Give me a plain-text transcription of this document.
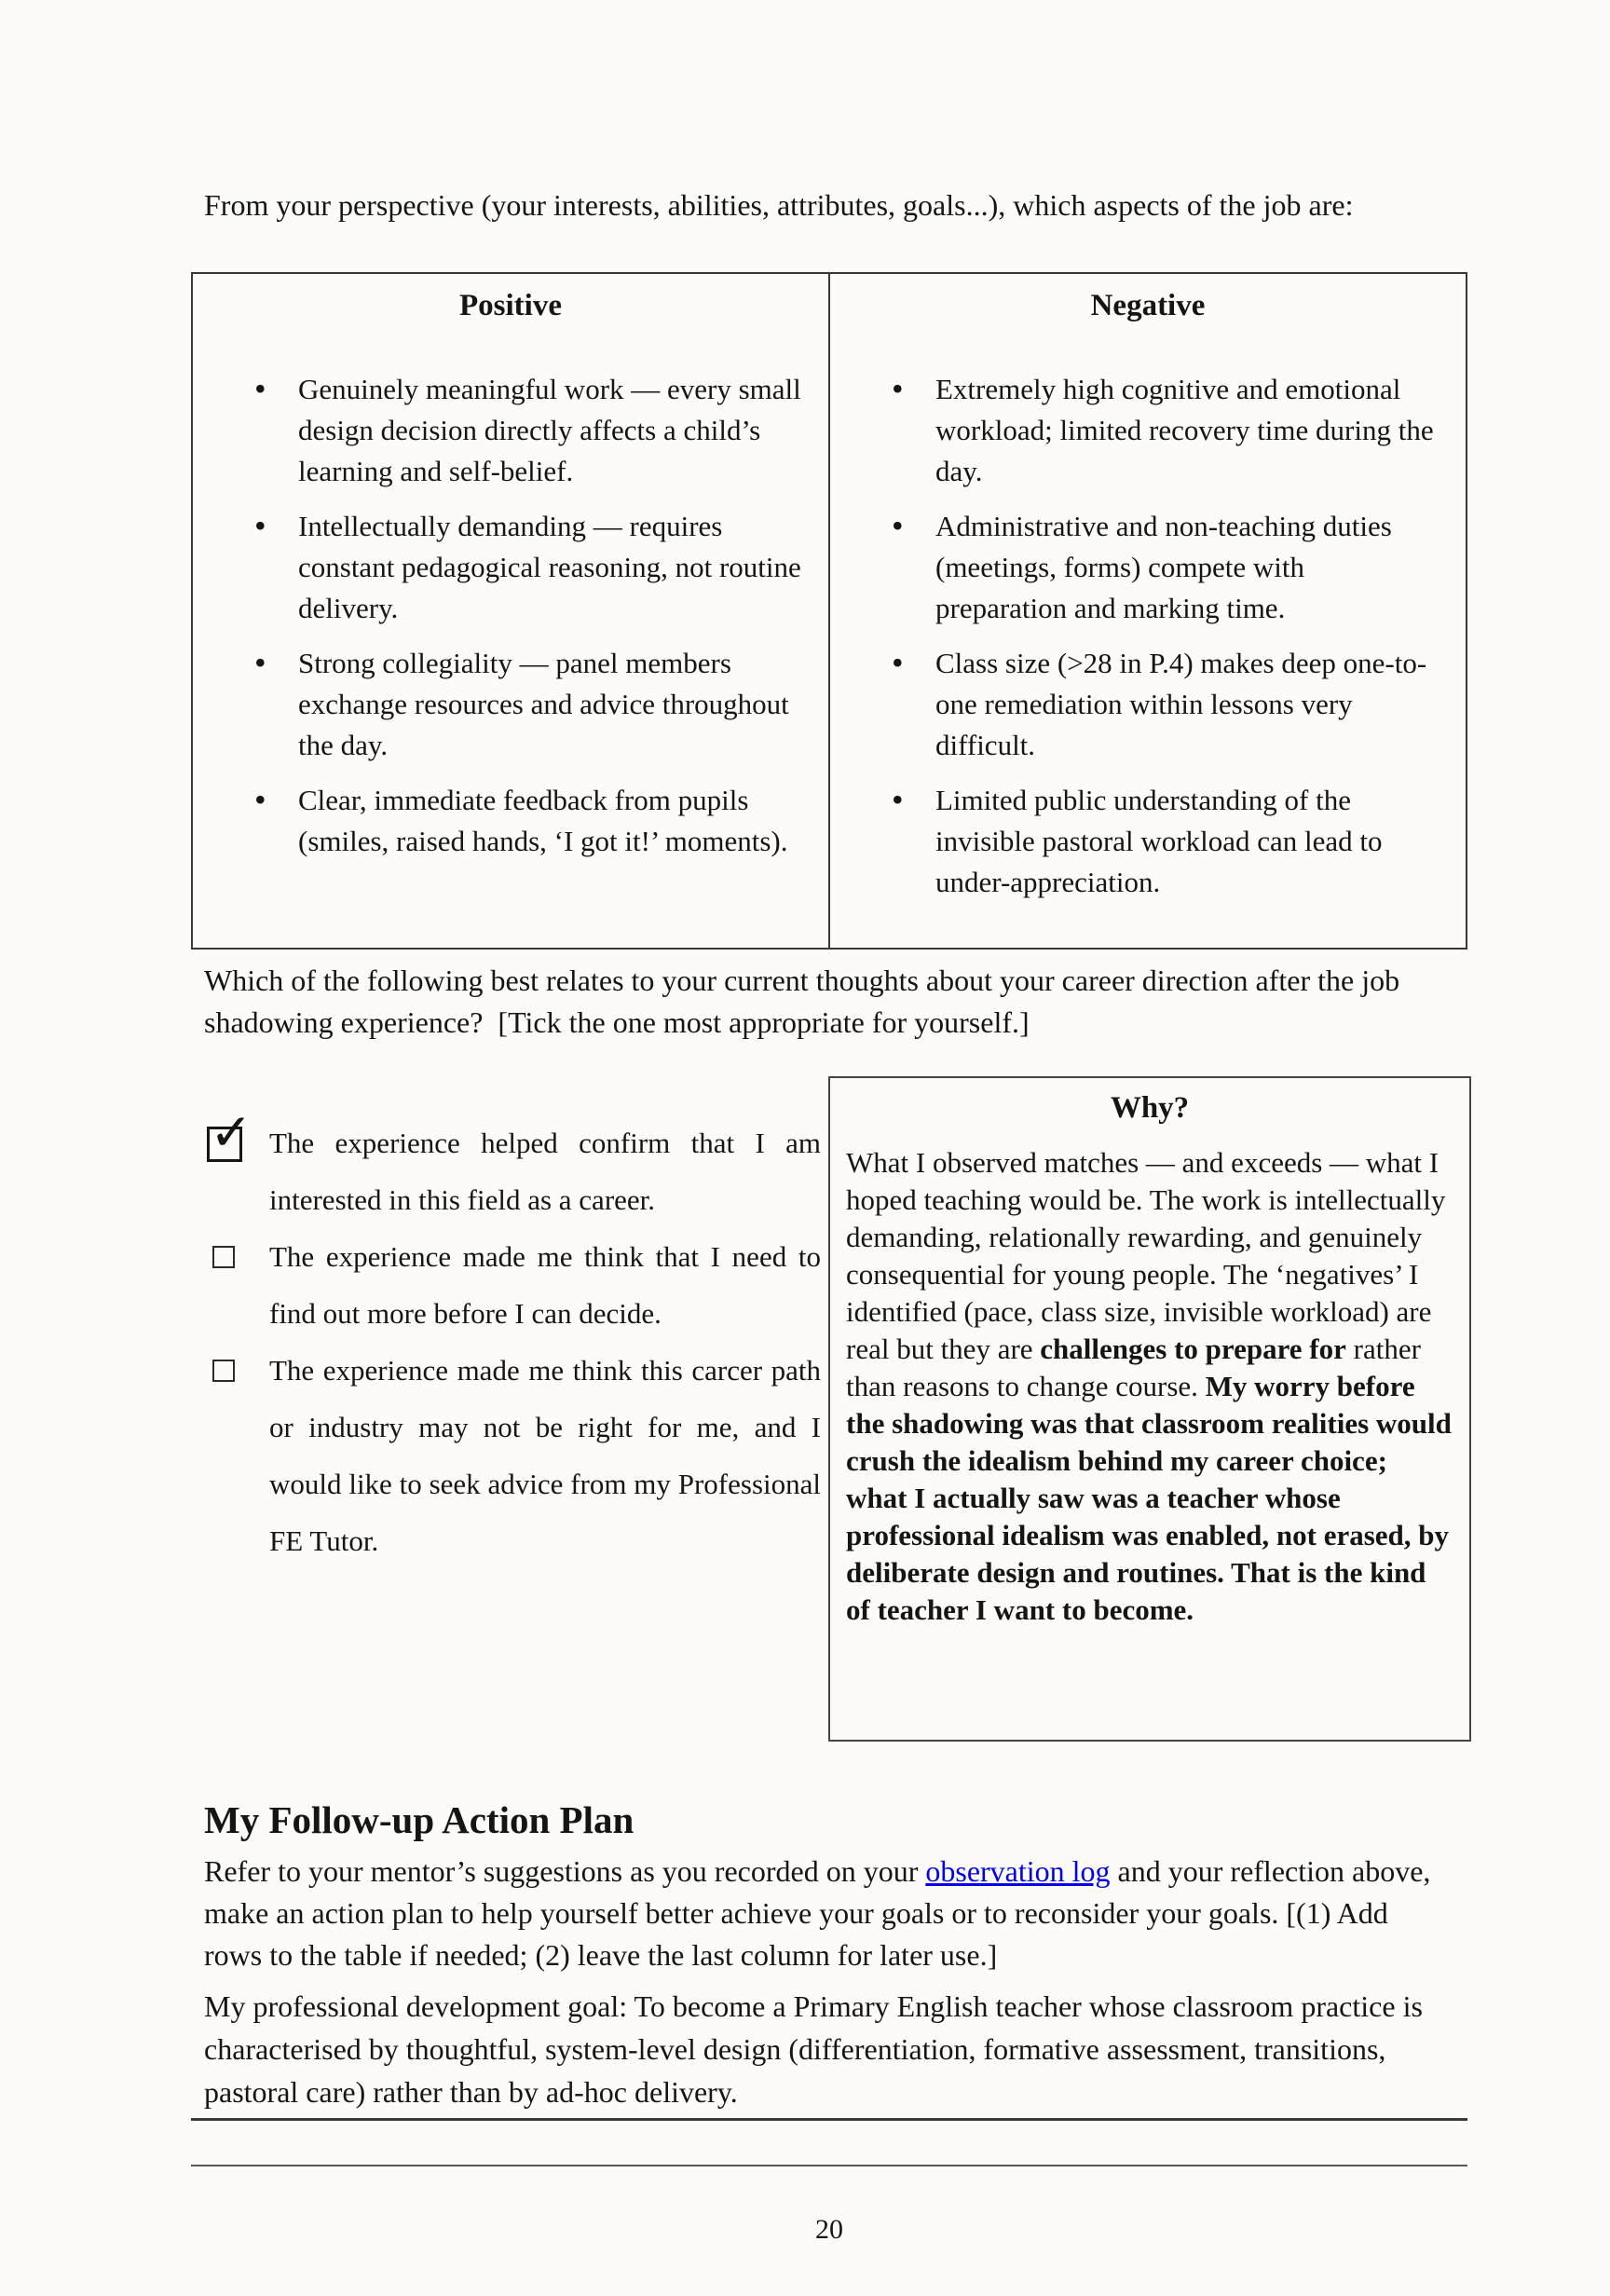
From your perspective (your interests, abilities, attributes, goals...), which aspects of the job are:

Positive
• Genuinely meaningful work — every small design decision directly affects a child’s learning and self-belief.
• Intellectually demanding — requires constant pedagogical reasoning, not routine delivery.
• Strong collegiality — panel members exchange resources and advice throughout the day.
• Clear, immediate feedback from pupils (smiles, raised hands, ‘I got it!’ moments).

Negative
• Extremely high cognitive and emotional workload; limited recovery time during the day.
• Administrative and non-teaching duties (meetings, forms) compete with preparation and marking time.
• Class size (>28 in P.4) makes deep one-to-one remediation within lessons very difficult.
• Limited public understanding of the invisible pastoral workload can lead to under-appreciation.

Which of the following best relates to your current thoughts about your career direction after the job shadowing experience?  [Tick the one most appropriate for yourself.]

✓ The experience helped confirm that I am interested in this field as a career.
The experience made me think that I need to find out more before I can decide.
The experience made me think this carcer path or industry may not be right for me, and I would like to seek advice from my Professional FE Tutor.
Why?
What I observed matches — and exceeds — what I hoped teaching would be. The work is intellectually demanding, relationally rewarding, and genuinely consequential for young people. The ‘negatives’ I identified (pace, class size, invisible workload) are real but they are challenges to prepare for rather than reasons to change course. My worry before the shadowing was that classroom realities would crush the idealism behind my career choice; what I actually saw was a teacher whose professional idealism was enabled, not erased, by deliberate design and routines. That is the kind of teacher I want to become.
My Follow-up Action Plan

Refer to your mentor’s suggestions as you recorded on your observation log and your reflection above, make an action plan to help yourself better achieve your goals or to reconsider your goals. [(1) Add rows to the table if needed; (2) leave the last column for later use.]

My professional development goal: To become a Primary English teacher whose classroom practice is characterised by thoughtful, system-level design (differentiation, formative assessment, transitions, pastoral care) rather than by ad-hoc delivery.

20
